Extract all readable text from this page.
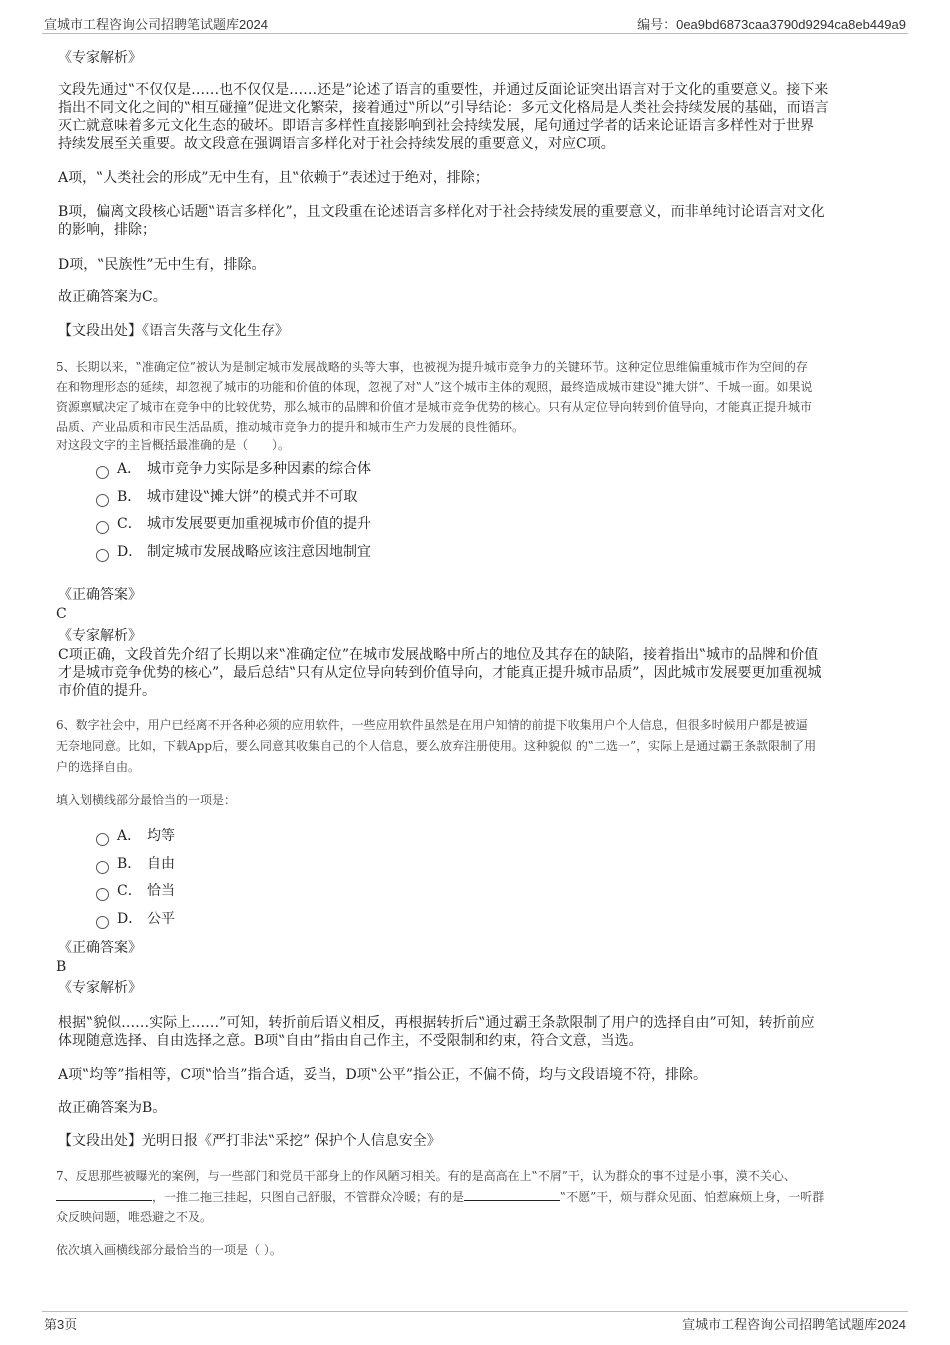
宣城市工程咨询公司招聘笔试题库2024	编号：0ea9bd6873caa3790d9294ca8eb449a9
《专家解析》
文段先通过‟不仅仅是……也不仅仅是……还是”论述了语言的重要性，并通过反面论证突出语言对于文化的重要意义。接下来
指出不同文化之间的‟相互碰撞”促进文化繁荣，接着通过‟所以”引导结论：多元文化格局是人类社会持续发展的基础，而语言
灭亡就意味着多元文化生态的破坏。即语言多样性直接影响到社会持续发展，尾句通过学者的话来论证语言多样性对于世界
持续发展至关重要。故文段意在强调语言多样化对于社会持续发展的重要意义，对应C项。
A项，‟人类社会的形成”无中生有，且‟依赖于”表述过于绝对，排除；
B项，偏离文段核心话题‟语言多样化”，且文段重在论述语言多样化对于社会持续发展的重要意义，而非单纯讨论语言对文化
的影响，排除；
D项，‟民族性”无中生有，排除。
故正确答案为C。
【文段出处】《语言失落与文化生存》
5、长期以来，‟准确定位”被认为是制定城市发展战略的头等大事，也被视为提升城市竞争力的关键环节。这种定位思维偏重城市作为空间的存
在和物理形态的延续，却忽视了城市的功能和价值的体现，忽视了对‟人”这个城市主体的观照，最终造成城市建设‟摊大饼”、千城一面。如果说
资源禀赋决定了城市在竞争中的比较优势，那么城市的品牌和价值才是城市竞争优势的核心。只有从定位导向转到价值导向，才能真正提升城市
品质、产业品质和市民生活品质，推动城市竞争力的提升和城市生产力发展的良性循环。
对这段文字的主旨概括最准确的是（　　）。
A． 城市竞争力实际是多种因素的综合体
B． 城市建设‟摊大饼”的模式并不可取
C． 城市发展要更加重视城市价值的提升
D． 制定城市发展战略应该注意因地制宜
《正确答案》
C
《专家解析》
C项正确，文段首先介绍了长期以来‟准确定位”在城市发展战略中所占的地位及其存在的缺陷，接着指出‟城市的品牌和价值
才是城市竞争优势的核心”，最后总结‟只有从定位导向转到价值导向，才能真正提升城市品质”，因此城市发展要更加重视城
市价值的提升。
6、数字社会中，用户已经离不开各种必须的应用软件，一些应用软件虽然是在用户知情的前提下收集用户个人信息，但很多时候用户都是被逼
无奈地同意。比如，下载App后，要么同意其收集自己的个人信息，要么放弃注册使用。这种貌似 的‟二选一”，实际上是通过霸王条款限制了用
户的选择自由。
填入划横线部分最恰当的一项是：
A． 均等
B． 自由
C． 恰当
D． 公平
《正确答案》
B
《专家解析》
根据‟貌似……实际上……”可知，转折前后语义相反，再根据转折后‟通过霸王条款限制了用户的选择自由”可知，转折前应
体现随意选择、自由选择之意。B项‟自由”指由自己作主，不受限制和约束，符合文意，当选。
A项‟均等”指相等，C项‟恰当”指合适，妥当，D项‟公平”指公正，不偏不倚，均与文段语境不符，排除。
故正确答案为B。
【文段出处】光明日报《严打非法‟采挖” 保护个人信息安全》
7、反思那些被曝光的案例，与一些部门和党员干部身上的作风陋习相关。有的是高高在上‟不屑”干，认为群众的事不过是小事，漠不关心、
，一推二拖三挂起，只图自己舒服，不管群众冷暖；有的是	‟不愿”干，烦与群众见面、怕惹麻烦上身，一听群
众反映问题，唯恐避之不及。
依次填入画横线部分最恰当的一项是（ ）。
第3页	宣城市工程咨询公司招聘笔试题库2024
